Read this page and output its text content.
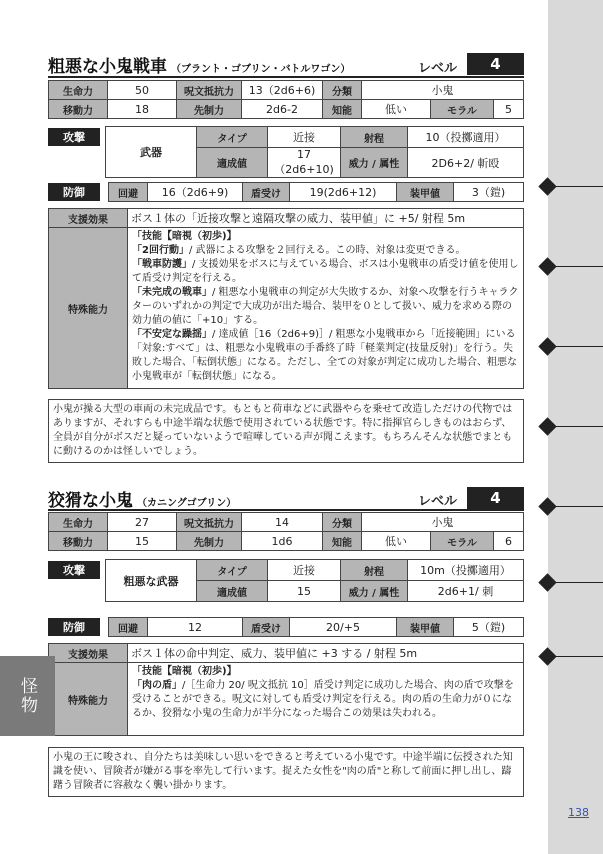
粗悪な小鬼戦車 （ブラント・ゴブリン・バトルワゴン）	レベル	4
生命力	50	呪文抵抗力	13（2d6+6)	分類	小鬼		
移動力	18	先制力	2d6-2	知能	低い	モラル	5
攻撃
武器	タイプ	近接	射程	10（投擲適用）
	適成値	17（2d6+10)	威力 / 属性	2D6+2/ 斬殴
防御	回避	16（2d6+9)	盾受け	19(2d6+12)	装甲値	3（鎧)
支援効果	ボス１体の「近接攻撃と遠隔攻撃の威力、装甲値」に +5/ 射程 5m
特殊能力	「技能【暗視（初歩)】
「2回行動」/ 武器による攻撃を２回行える。この時、対象は変更できる。
「戦車防護」/ 支援効果をボスに与えている場合、ボスは小鬼戦車の盾受け値を使用して盾受け判定を行える。
「未完成の戦車」/ 粗悪な小鬼戦車の判定が大失敗するか、対象へ攻撃を行うキャラクターのいずれかの判定で大成功が出た場合、装甲を０として扱い、威力を求める際の効力値の値に「+10」する。
「不安定な躁揺」/ 達成値［16（2d6+9)］/ 粗悪な小鬼戦車から「近接範囲」にいる「対象:すべて」は、粗悪な小鬼戦車の手番終了時「軽業判定(技量反射)」を行う。失敗した場合、「転倒状態」になる。ただし、全ての対象が判定に成功した場合、粗悪な小鬼戦車が「転倒状態」になる。
小鬼が操る大型の車両の未完成品です。もともと荷車などに武器やらを乗せて改造しただけの代物ではありますが、それすらも中途半端な状態で使用されている状態です。特に指揮官らしきものはおらず、全員が自分がボスだと疑っていないようで喧嘩している声が聞こえます。もちろんそんな状態でまともに動けるのかは怪しいでしょう。
狡猾な小鬼 （カニングゴブリン）	レベル	4
生命力	27	呪文抵抗力	14	分類	小鬼		
移動力	15	先制力	1d6	知能	低い	モラル	6
攻撃
粗悪な武器	タイプ	近接	射程	10m（投擲適用）
	適成値	15	威力 / 属性	2d6+1/ 刺
防御	回避	12	盾受け	20/+5	装甲値	5（鎧)
支援効果	ボス１体の命中判定、威力、装甲値に +3 する / 射程 5m
特殊能力	「技能【暗視（初歩)】
「肉の盾」/［生命力 20/ 呪文抵抗 10］盾受け判定に成功した場合、肉の盾で攻撃を受けることができる。呪文に対しても盾受け判定を行える。肉の盾の生命力が０になるか、狡猾な小鬼の生命力が半分になった場合この効果は失われる。
小鬼の王に唆され、自分たちは美味しい思いをできると考えている小鬼です。中途半端に伝授された知識を使い、冒険者が嫌がる事を率先して行います。捉えた女性を"肉の盾"と称して前面に押し出し、躊躇う冒険者に容赦なく襲い掛かります。
裁定
種族
技能
武技
呪文
装備
怪物
138
